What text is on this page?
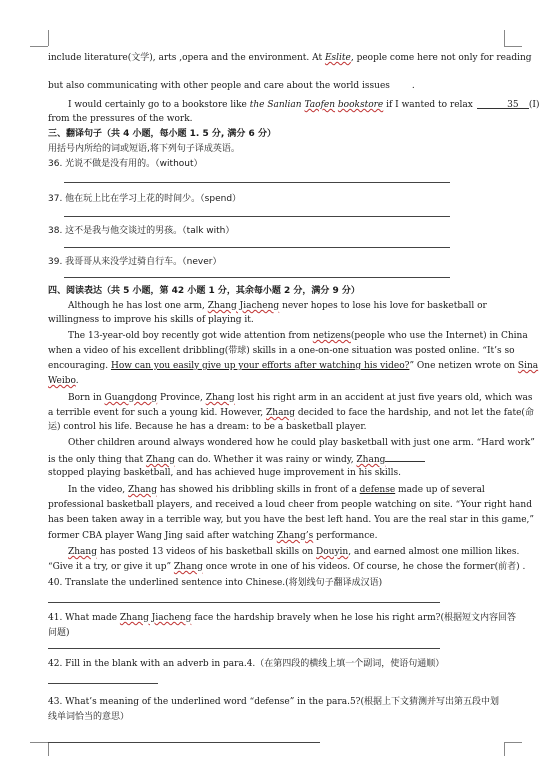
include literature(文学), arts ,opera and the environment. At Eslite, people come here not only for reading
but also communicating with other people and care about the world issues .
I would certainly go to a bookstore like the Sanlian Taofen bookstore if I wanted to relax	35 (I)
from the pressures of the work.
三、翻译句子（共 4 小题，每小题 1. 5 分, 满分 6 分）
用括号内所给的词或短语,将下列句子译成英语。
36. 光说不做是没有用的。（without）
37. 他在玩上比在学习上花的时间少。（spend）
38. 这不是我与他交谈过的男孩。（talk with）
39. 我哥哥从来没学过骑自行车。（never）
四、阅读表达（共 5 小题，第 42 小题 1 分，其余每小题 2 分，满分 9 分）
Although he has lost one arm, Zhang Jiacheng never hopes to lose his love for basketball or
willingness to improve his skills of playing it.
The 13-year-old boy recently got wide attention from netizens(people who use the Internet) in China
when a video of his excellent dribbling(带球) skills in a one-on-one situation was posted online. “It’s so
encouraging. How can you easily give up your efforts after watching his video?” One netizen wrote on Sina
Weibo.
Born in Guangdong Province, Zhang lost his right arm in an accident at just five years old, which was
a terrible event for such a young kid. However, Zhang decided to face the hardship, and not let the fate(命
运) control his life. Because he has a dream: to be a basketball player.
Other children around always wondered how he could play basketball with just one arm. “Hard work”
is the only thing that Zhang can do. Whether it was rainy or windy, Zhang
stopped playing basketball, and has achieved huge improvement in his skills.
In the video, Zhang has showed his dribbling skills in front of a defense made up of several
professional basketball players, and received a loud cheer from people watching on site. “Your right hand
has been taken away in a terrible way, but you have the best left hand. You are the real star in this game,”
former CBA player Wang Jing said after watching Zhang’s performance.
Zhang has posted 13 videos of his basketball skills on Douyin, and earned almost one million likes.
“Give it a try, or give it up” Zhang once wrote in one of his videos. Of course, he chose the former(前者) .
40. Translate the underlined sentence into Chinese.(将划线句子翻译成汉语)
41. What made Zhang Jiacheng face the hardship bravely when he lose his right arm?(根据短文内容回答
问题)
42. Fill in the blank with an adverb in para.4.（在第四段的横线上填一个副词，使语句通顺）
43. What’s meaning of the underlined word “defense” in the para.5?(根据上下文猜测并写出第五段中划
线单词恰当的意思）
